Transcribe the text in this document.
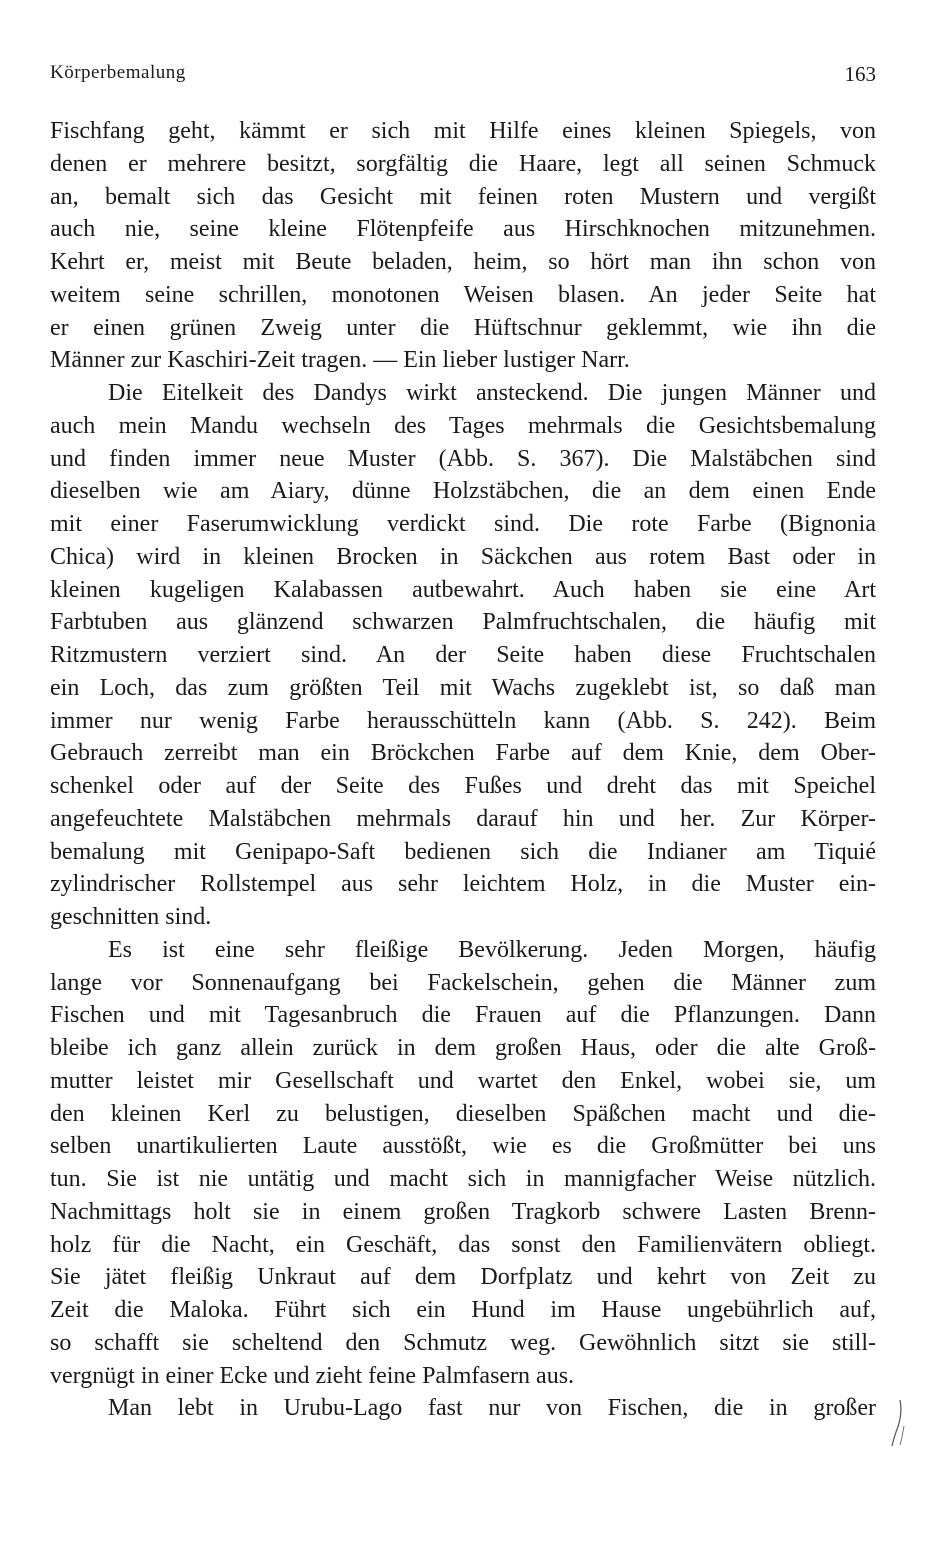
Körperbemalung	163
Fischfang geht, kämmt er sich mit Hilfe eines kleinen Spiegels, von
denen er mehrere besitzt, sorgfältig die Haare, legt all seinen Schmuck
an, bemalt sich das Gesicht mit feinen roten Mustern und vergißt
auch nie, seine kleine Flötenpfeife aus Hirschknochen mitzunehmen.
Kehrt er, meist mit Beute beladen, heim, so hört man ihn schon von
weitem seine schrillen, monotonen Weisen blasen. An jeder Seite hat
er einen grünen Zweig unter die Hüftschnur geklemmt, wie ihn die
Männer zur Kaschiri-Zeit tragen. — Ein lieber lustiger Narr.
Die Eitelkeit des Dandys wirkt ansteckend. Die jungen Männer und
auch mein Mandu wechseln des Tages mehrmals die Gesichtsbemalung
und finden immer neue Muster (Abb. S. 367). Die Malstäbchen sind
dieselben wie am Aiary, dünne Holzstäbchen, die an dem einen Ende
mit einer Faserumwicklung verdickt sind. Die rote Farbe (Bignonia
Chica) wird in kleinen Brocken in Säckchen aus rotem Bast oder in
kleinen kugeligen Kalabassen autbewahrt. Auch haben sie eine Art
Farbtuben aus glänzend schwarzen Palmfruchtschalen, die häufig mit
Ritzmustern verziert sind. An der Seite haben diese Fruchtschalen
ein Loch, das zum größten Teil mit Wachs zugeklebt ist, so daß man
immer nur wenig Farbe herausschütteln kann (Abb. S. 242). Beim
Gebrauch zerreibt man ein Bröckchen Farbe auf dem Knie, dem Ober-
schenkel oder auf der Seite des Fußes und dreht das mit Speichel
angefeuchtete Malstäbchen mehrmals darauf hin und her. Zur Körper-
bemalung mit Genipapo-Saft bedienen sich die Indianer am Tiquié
zylindrischer Rollstempel aus sehr leichtem Holz, in die Muster ein-
geschnitten sind.
Es ist eine sehr fleißige Bevölkerung. Jeden Morgen, häufig
lange vor Sonnenaufgang bei Fackelschein, gehen die Männer zum
Fischen und mit Tagesanbruch die Frauen auf die Pflanzungen. Dann
bleibe ich ganz allein zurück in dem großen Haus, oder die alte Groß-
mutter leistet mir Gesellschaft und wartet den Enkel, wobei sie, um
den kleinen Kerl zu belustigen, dieselben Späßchen macht und die-
selben unartikulierten Laute ausstößt, wie es die Großmütter bei uns
tun. Sie ist nie untätig und macht sich in mannigfacher Weise nützlich.
Nachmittags holt sie in einem großen Tragkorb schwere Lasten Brenn-
holz für die Nacht, ein Geschäft, das sonst den Familienvätern obliegt.
Sie jätet fleißig Unkraut auf dem Dorfplatz und kehrt von Zeit zu
Zeit die Maloka. Führt sich ein Hund im Hause ungebührlich auf,
so schafft sie scheltend den Schmutz weg. Gewöhnlich sitzt sie still-
vergnügt in einer Ecke und zieht feine Palmfasern aus.
Man lebt in Urubu-Lago fast nur von Fischen, die in großer
